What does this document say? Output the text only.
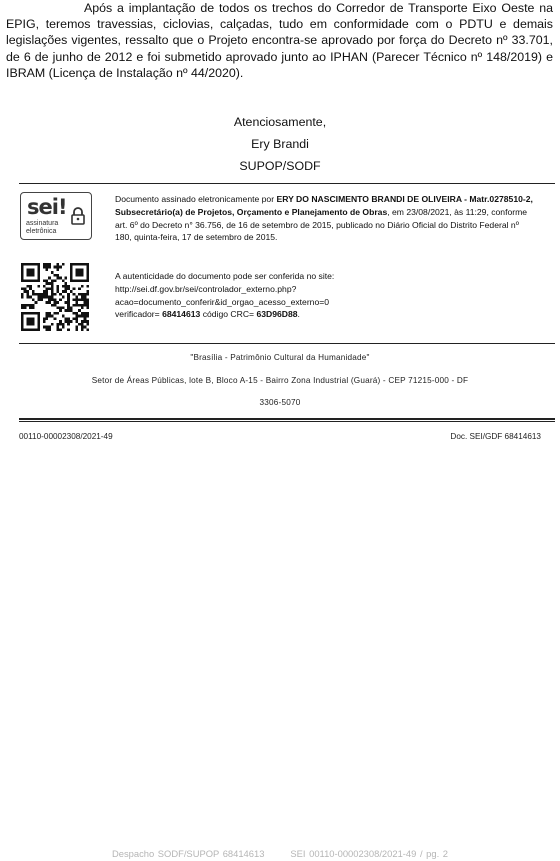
Após a implantação de todos os trechos do Corredor de Transporte Eixo Oeste na EPIG, teremos travessias, ciclovias, calçadas, tudo em conformidade com o PDTU e demais legislações vigentes, ressalto que o Projeto encontra-se aprovado por força do Decreto nº 33.701, de 6 de junho de 2012 e foi submetido aprovado junto ao IPHAN (Parecer Técnico nº 148/2019) e IBRAM (Licença de Instalação nº 44/2020).

Atenciosamente,
Ery Brandi
SUPOP/SODF
sei!
assinatura
eletrônica
Documento assinado eletronicamente por ERY DO NASCIMENTO BRANDI DE OLIVEIRA - Matr.0278510-2, Subsecretário(a) de Projetos, Orçamento e Planejamento de Obras, em 23/08/2021, às 11:29, conforme art. 6º do Decreto n° 36.756, de 16 de setembro de 2015, publicado no Diário Oficial do Distrito Federal nº 180, quinta-feira, 17 de setembro de 2015.
A autenticidade do documento pode ser conferida no site:
http://sei.df.gov.br/sei/controlador_externo.php?
acao=documento_conferir&id_orgao_acesso_externo=0
verificador= 68414613 código CRC= 63D96D88.
"Brasília - Patrimônio Cultural da Humanidade"
Setor de Áreas Públicas, lote B, Bloco A-15 - Bairro Zona Industrial (Guará) - CEP 71215-000 - DF
3306-5070
00110-00002308/2021-49	Doc. SEI/GDF 68414613
Despacho SODF/SUPOP 68414613	SEI 00110-00002308/2021-49 / pg. 2
